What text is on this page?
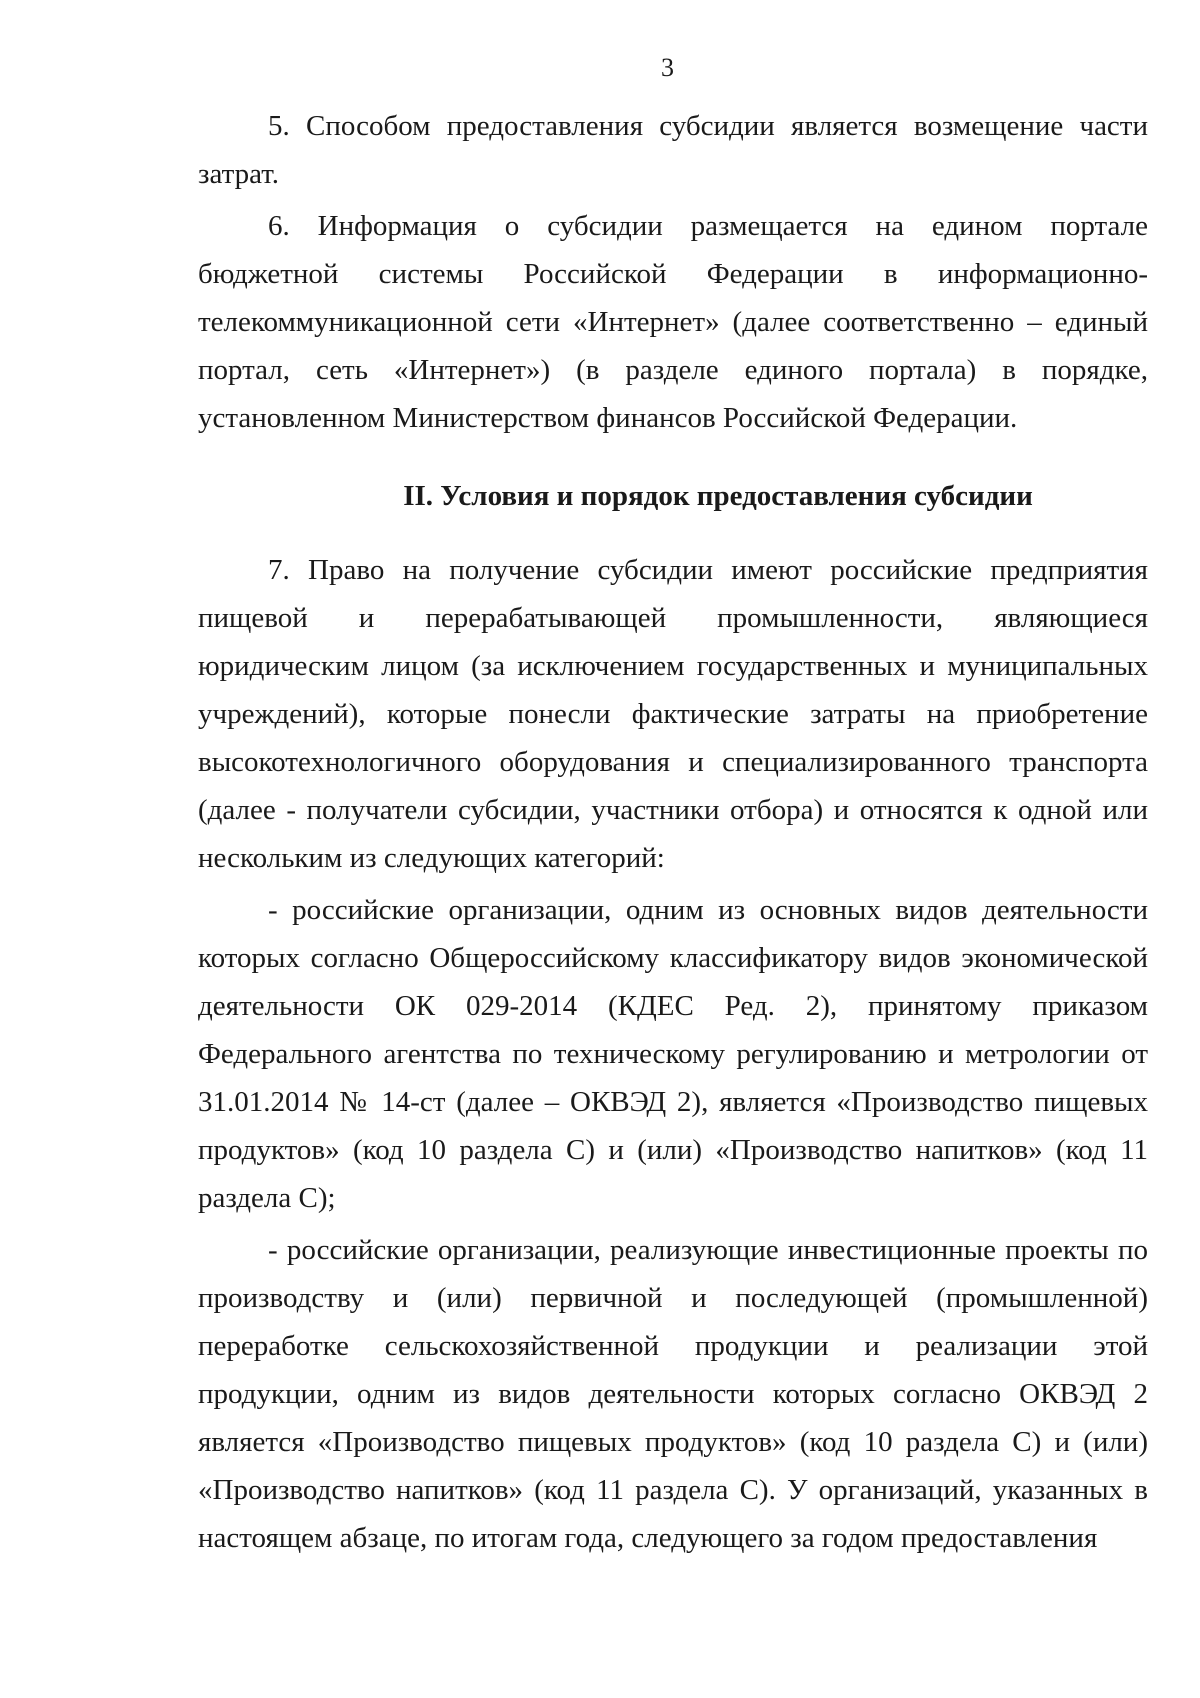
3

5. Способом предоставления субсидии является возмещение части затрат.

6. Информация о субсидии размещается на едином портале бюджетной системы Российской Федерации в информационно-телекоммуникационной сети «Интернет» (далее соответственно – единый портал, сеть «Интернет») (в разделе единого портала) в порядке, установленном Министерством финансов Российской Федерации.

II. Условия и порядок предоставления субсидии

7. Право на получение субсидии имеют российские предприятия пищевой и перерабатывающей промышленности, являющиеся юридическим лицом (за исключением государственных и муниципальных учреждений), которые понесли фактические затраты на приобретение высокотехнологичного оборудования и специализированного транспорта (далее - получатели субсидии, участники отбора) и относятся к одной или нескольким из следующих категорий:

- российские организации, одним из основных видов деятельности которых согласно Общероссийскому классификатору видов экономической деятельности ОК 029-2014 (КДЕС Ред. 2), принятому приказом Федерального агентства по техническому регулированию и метрологии от 31.01.2014 № 14-ст (далее – ОКВЭД 2), является «Производство пищевых продуктов» (код 10 раздела С) и (или) «Производство напитков» (код 11 раздела С);

- российские организации, реализующие инвестиционные проекты по производству и (или) первичной и последующей (промышленной) переработке сельскохозяйственной продукции и реализации этой продукции, одним из видов деятельности которых согласно ОКВЭД 2 является «Производство пищевых продуктов» (код 10 раздела С) и (или) «Производство напитков» (код 11 раздела С). У организаций, указанных в настоящем абзаце, по итогам года, следующего за годом предоставления
